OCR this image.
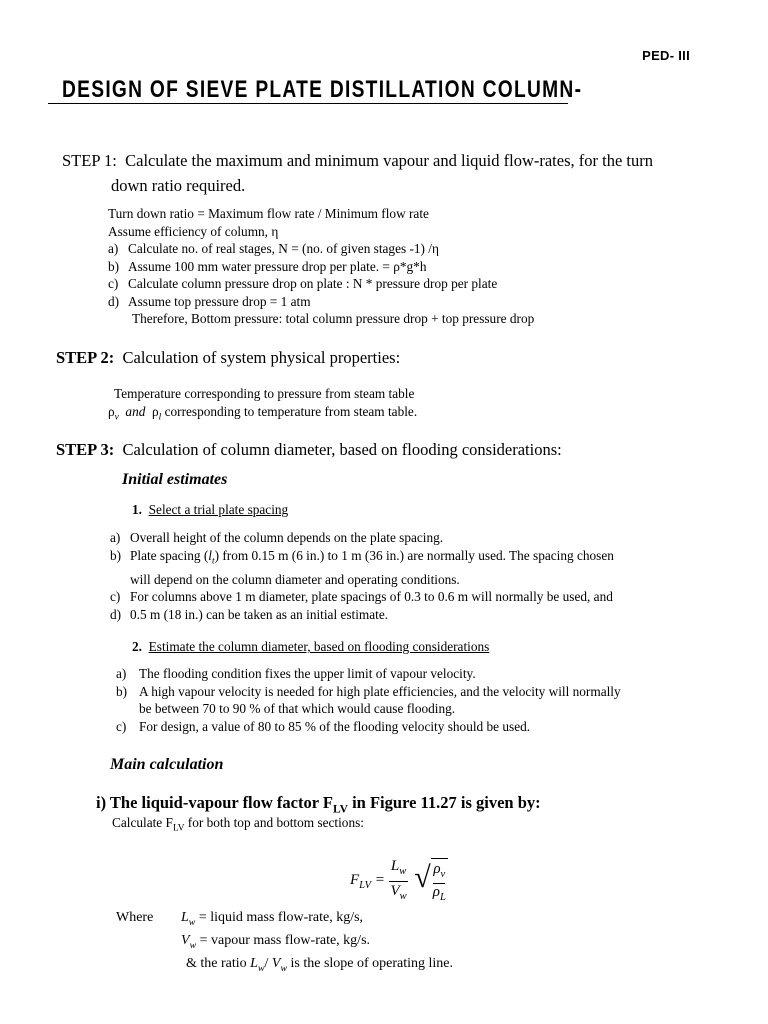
PED- III
DESIGN OF SIEVE PLATE DISTILLATION COLUMN-
STEP 1: Calculate the maximum and minimum vapour and liquid flow-rates, for the turn
down ratio required.
Turn down ratio = Maximum flow rate / Minimum flow rate
Assume efficiency of column, η
a) Calculate no. of real stages, N = (no. of given stages -1) /η
b) Assume 100 mm water pressure drop per plate. = ρ*g*h
c) Calculate column pressure drop on plate : N * pressure drop per plate
d) Assume top pressure drop = 1 atm
Therefore, Bottom pressure: total column pressure drop + top pressure drop
STEP 2: Calculation of system physical properties:
Temperature corresponding to pressure from steam table
$\rho_v$  and  $\rho_l$ corresponding to temperature from steam table.
STEP 3: Calculation of column diameter, based on flooding considerations:
Initial estimates
1. Select a trial plate spacing
a) Overall height of the column depends on the plate spacing.
b) Plate spacing $(l_t)$ from 0.15 m (6 in.) to 1 m (36 in.) are normally used. The spacing chosen
will depend on the column diameter and operating conditions.
c) For columns above 1 m diameter, plate spacings of 0.3 to 0.6 m will normally be used, and
d) 0.5 m (18 in.) can be taken as an initial estimate.
2. Estimate the column diameter, based on flooding considerations
a) The flooding condition fixes the upper limit of vapour velocity.
b) A high vapour velocity is needed for high plate efficiencies, and the velocity will normally
be between 70 to 90 % of that which would cause flooding.
c) For design, a value of 80 to 85 % of the flooding velocity should be used.
Main calculation
i) The liquid-vapour flow factor $F_{LV}$ in Figure 11.27 is given by:
Calculate $F_{LV}$ for both top and bottom sections:
$F_{LV} = \frac{L_w}{V_w}$ √ $\frac{\rho_v}{\rho_L}$
Where	$L_w$ = liquid mass flow-rate, kg/s,
$V_w$ = vapour mass flow-rate, kg/s.
& the ratio $L_w/$ $V_w$ is the slope of operating line.
